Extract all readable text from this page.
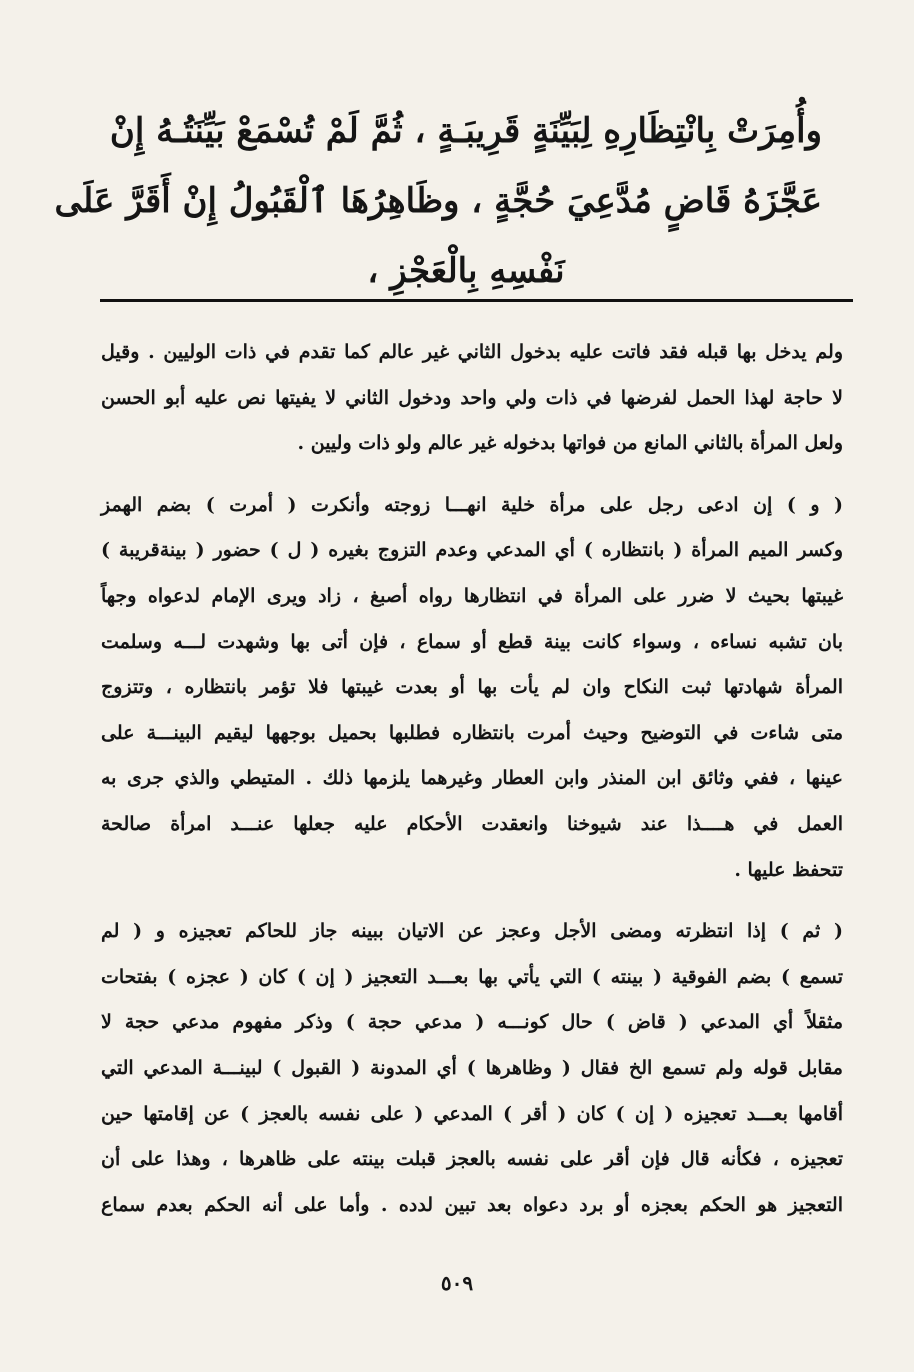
وأُمِرَتْ بِانْتِظَارِهِ لِبَيِّنَةٍ قَرِيبَـةٍ ، ثُمَّ لَمْ تُسْمَعْ بَيِّنَتُـهُ إِنْ
عَجَّزَهُ قَاضٍ مُدَّعِيَ حُجَّةٍ ، وظَاهِرُهَا ٱلْقَبُولُ إِنْ أَقَرَّ عَلَى
نَفْسِهِ بِالْعَجْزِ ،
ولم يدخل بها قبله فقد فاتت عليه بدخول الثاني غير عالم كما تقدم في ذات الوليين . وقيل
لا حاجة لهذا الحمل لفرضها في ذات ولي واحد ودخول الثاني لا يفيتها نص عليه أبو الحسن
ولعل المرأة بالثاني المانع من فواتها بدخوله غير عالم ولو ذات وليين .
( و ) إن ادعى رجل على مرأة خلية انهـــا زوجته وأنكرت ( أمرت ) بضم الهمز
وكسر الميم المرأة ( بانتظاره ) أي المدعي وعدم التزوج بغيره ( ل ) حضور ( بينةقريبة )
غيبتها بحيث لا ضرر على المرأة في انتظارها رواه أصبغ ، زاد ويرى الإمام لدعواه وجهاً
بان تشبه نساءه ، وسواء كانت بينة قطع أو سماع ، فإن أتى بها وشهدت لـــه وسلمت
المرأة شهادتها ثبت النكاح وان لم يأت بها أو بعدت غيبتها فلا تؤمر بانتظاره ، وتتزوج
متى شاءت في التوضيح وحيث أمرت بانتظاره فطلبها بحميل بوجهها ليقيم البينـــة على
عينها ، ففي وثائق ابن المنذر وابن العطار وغيرهما يلزمها ذلك . المتيطي والذي جرى به
العمل في هــــذا عند شيوخنا وانعقدت الأحكام عليه جعلها عنـــد امرأة صالحة
تتحفظ عليها .
( ثم ) إذا انتظرته ومضى الأجل وعجز عن الاتيان ببينه جاز للحاكم تعجيزه و ( لم
تسمع ) بضم الفوقية ( بينته ) التي يأتي بها بعـــد التعجيز ( إن ) كان ( عجزه ) بفتحات
مثقلاً أي المدعي ( قاض ) حال كونـــه ( مدعي حجة ) وذكر مفهوم مدعي حجة لا
مقابل قوله ولم تسمع الخ فقال ( وظاهرها ) أي المدونة ( القبول ) لبينـــة المدعي التي
أقامها بعـــد تعجيزه ( إن ) كان ( أقر ) المدعي ( على نفسه بالعجز ) عن إقامتها حين
تعجيزه ، فكأنه قال فإن أقر على نفسه بالعجز قبلت بينته على ظاهرها ، وهذا على أن
التعجيز هو الحكم بعجزه أو برد دعواه بعد تبين لدده . وأما على أنه الحكم بعدم سماع
٥٠٩
